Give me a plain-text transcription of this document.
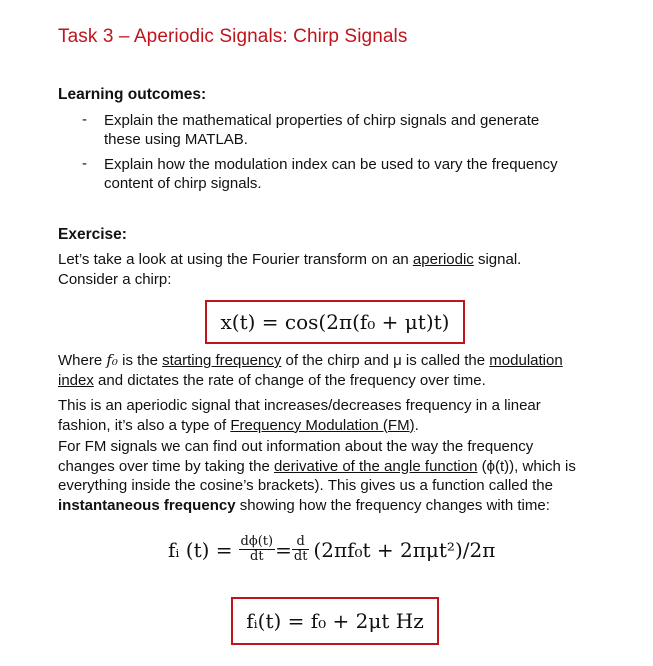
Task 3 – Aperiodic Signals: Chirp Signals
Learning outcomes:
- Explain the mathematical properties of chirp signals and generate
these using MATLAB.
- Explain how the modulation index can be used to vary the frequency
content of chirp signals.
Exercise:
Let’s take a look at using the Fourier transform on an aperiodic signal.
Consider a chirp:
x(t) = cos(2π(f₀ + μt)t)
Where f₀ is the starting frequency of the chirp and μ is called the modulation
index and dictates the rate of change of the frequency over time.
This is an aperiodic signal that increases/decreases frequency in a linear
fashion, it’s also a type of Frequency Modulation (FM).
For FM signals we can find out information about the way the frequency
changes over time by taking the derivative of the angle function (ϕ(t)), which is
everything inside the cosine’s brackets). This gives us a function called the
instantaneous frequency showing how the frequency changes with time:
fᵢ $(t) = \frac{d\phi(t)}{dt} = \frac{d}{dt} (2\pi f_0t + 2\pi\mu t^2)/2\pi$
fᵢ(t) = f₀ + 2μt Hz
